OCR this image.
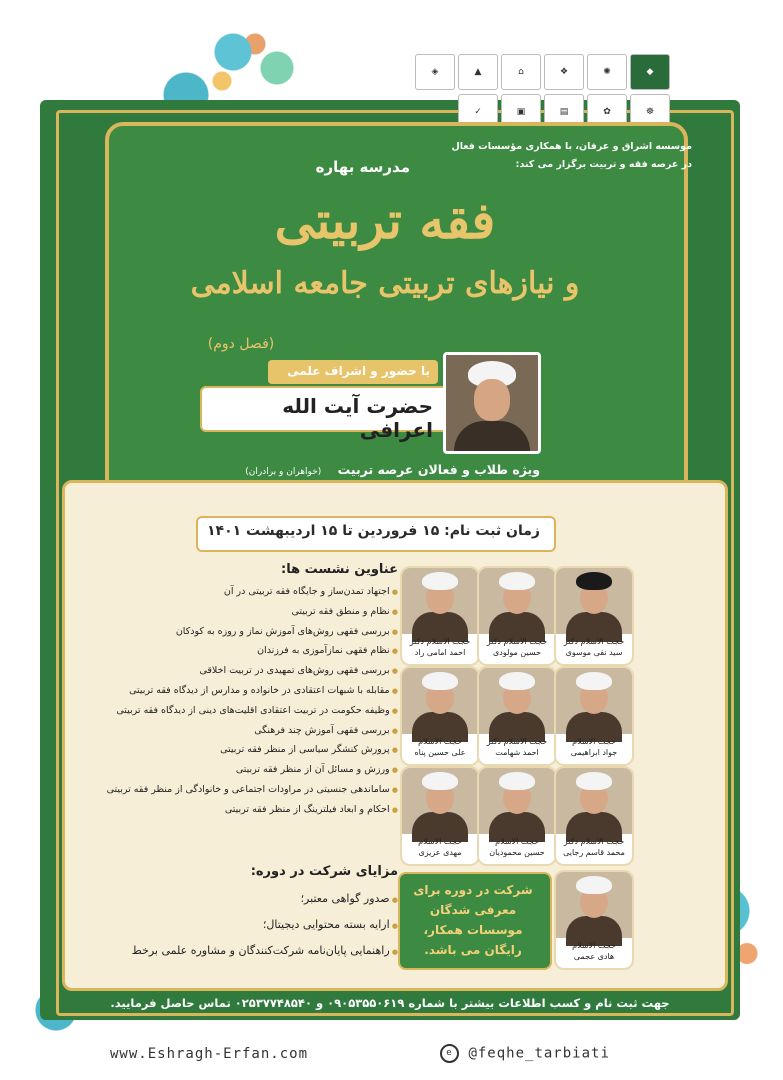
◈	▲	⌂	❖	✺	◆
✓	▣	▤	✿	☸
موسسه اشراق و عرفان، با همکاری مؤسسات فعال
در عرصه فقه و تربیت برگزار می کند:
مدرسه بهاره
فقه تربیتی
و نیازهای تربیتی جامعه اسلامی
(فصل دوم)
با حضور و اشراف علمی
حضرت آیت الله اعرافی
ویژه طلاب و فعالان عرصه تربیت (خواهران و برادران)
زمان ثبت نام: ۱۵ فروردین تا ۱۵ اردیبهشت ۱۴۰۱
عناوین نشست ها:
● اجتهاد تمدن‌ساز و جایگاه فقه تربیتی در آن
● نظام و منطق فقه تربیتی
● بررسی فقهی روش‌های آموزش نماز و روزه به کودکان
● نظام فقهی نمازآموزی به فرزندان
● بررسی فقهی روش‌های تمهیدی در تربیت اخلاقی
● مقابله با شبهات اعتقادی در خانواده و مدارس از دیدگاه فقه تربیتی
● وظیفه حکومت در تربیت اعتقادی اقلیت‌های دینی از دیدگاه فقه تربیتی
● بررسی فقهی آموزش چند فرهنگی
● پرورش کنشگر سیاسی از منظر فقه تربیتی
● ورزش و مسائل آن از منظر فقه تربیتی
● ساماندهی جنسیتی در مراودات اجتماعی و خانوادگی از منظر فقه تربیتی
● احکام و ابعاد فیلترینگ از منظر فقه تربیتی
مزایای شرکت در دوره:
● صدور گواهی معتبر؛
● ارایه بسته محتوایی دیجیتال؛
● راهنمایی پایان‌نامه شرکت‌کنندگان و مشاوره علمی برخط
حجت الاسلام دکتر
احمد امامی راد
حجت الاسلام دکتر
حسین مولودی
حجت الاسلام دکتر
سید نقی موسوی
حجت الاسلام
علی حسین پناه
حجت الاسلام دکتر
احمد شهامت
حجت الاسلام
جواد ابراهیمی
حجت الاسلام
مهدی عزیزی
حجت الاسلام
حسین محمودیان
حجت الاسلام دکتر
محمد قاسم رجایی
شرکت در دوره برای معرفی شدگان موسسات همکار، رایگان می باشد.	حجت الاسلام
هادی عجمی
جهت ثبت نام و کسب اطلاعات بیشتر با شماره ۰۹۰۵۳۵۵۰۶۱۹ و ۰۲۵۳۷۷۴۸۵۴۰ تماس حاصل فرمایید.
www.Eshragh-Erfan.com	e @feqhe_tarbiati
